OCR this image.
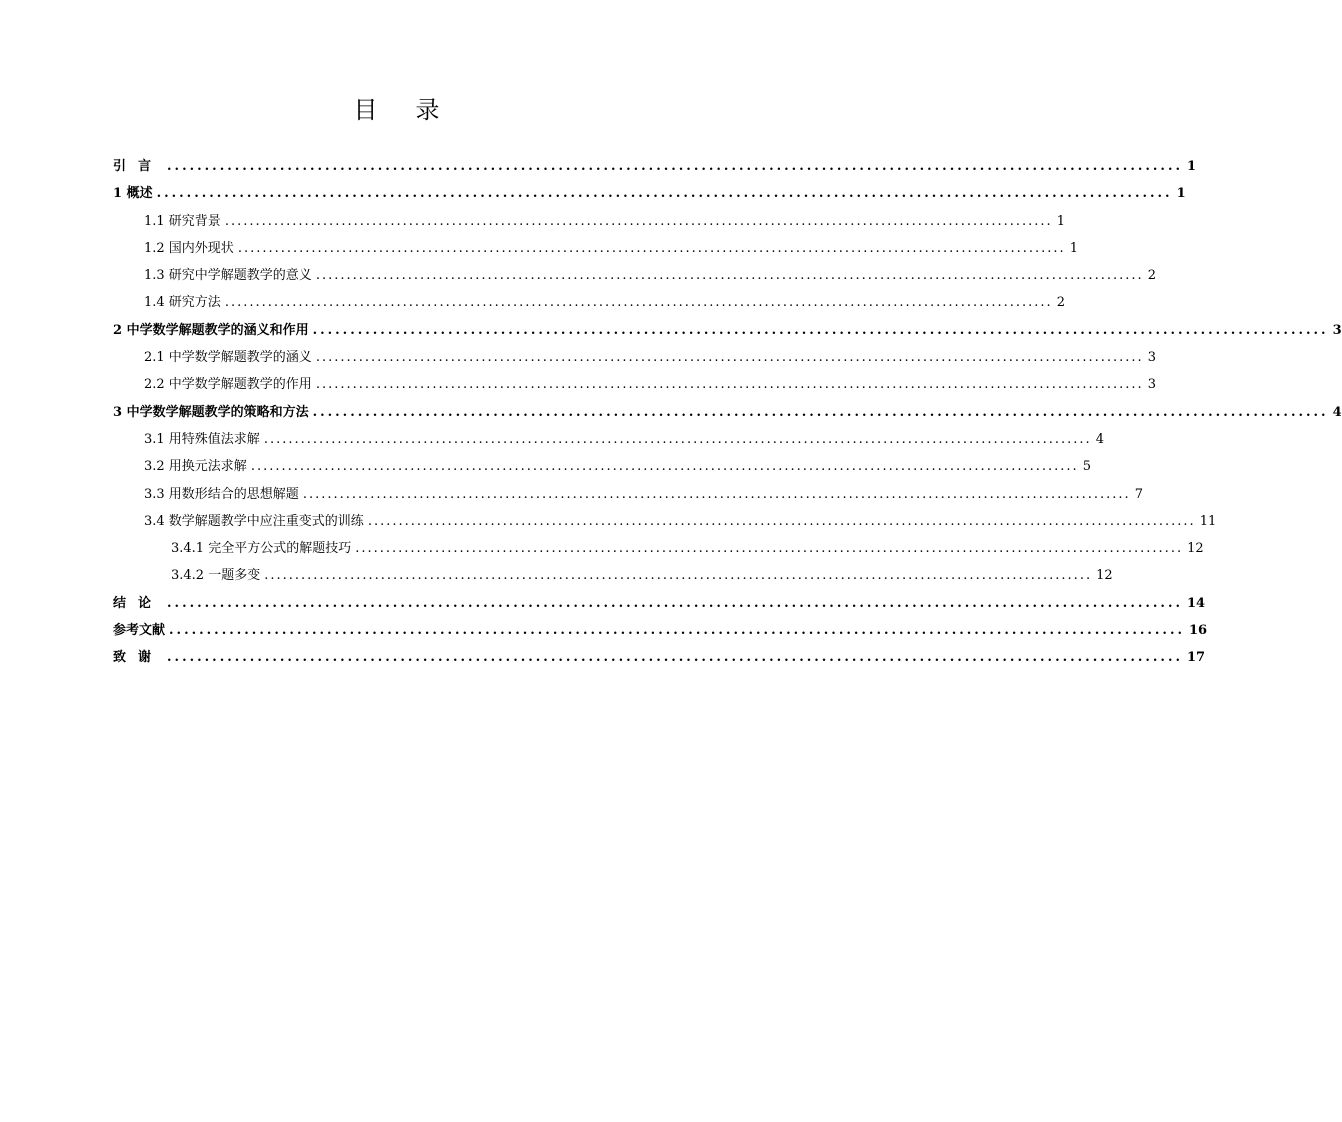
目 录
引言 ....................................................................................................................................... 1
1 概述 ....................................................................................................................................... 1
1.1 研究背景 ....................................................................................................................................... 1
1.2 国内外现状 ....................................................................................................................................... 1
1.3 研究中学解题教学的意义 ....................................................................................................................................... 2
1.4 研究方法 ....................................................................................................................................... 2
2 中学数学解题教学的涵义和作用 ....................................................................................................................................... 3
2.1 中学数学解题教学的涵义 ....................................................................................................................................... 3
2.2 中学数学解题教学的作用 ....................................................................................................................................... 3
3 中学数学解题教学的策略和方法 ....................................................................................................................................... 4
3.1 用特殊值法求解 ....................................................................................................................................... 4
3.2 用换元法求解 ....................................................................................................................................... 5
3.3 用数形结合的思想解题 ....................................................................................................................................... 7
3.4 数学解题教学中应注重变式的训练 ....................................................................................................................................... 11
3.4.1 完全平方公式的解题技巧 ....................................................................................................................................... 12
3.4.2 一题多变 ....................................................................................................................................... 12
结论 ....................................................................................................................................... 14
参考文献 ....................................................................................................................................... 16
致谢 ....................................................................................................................................... 17
